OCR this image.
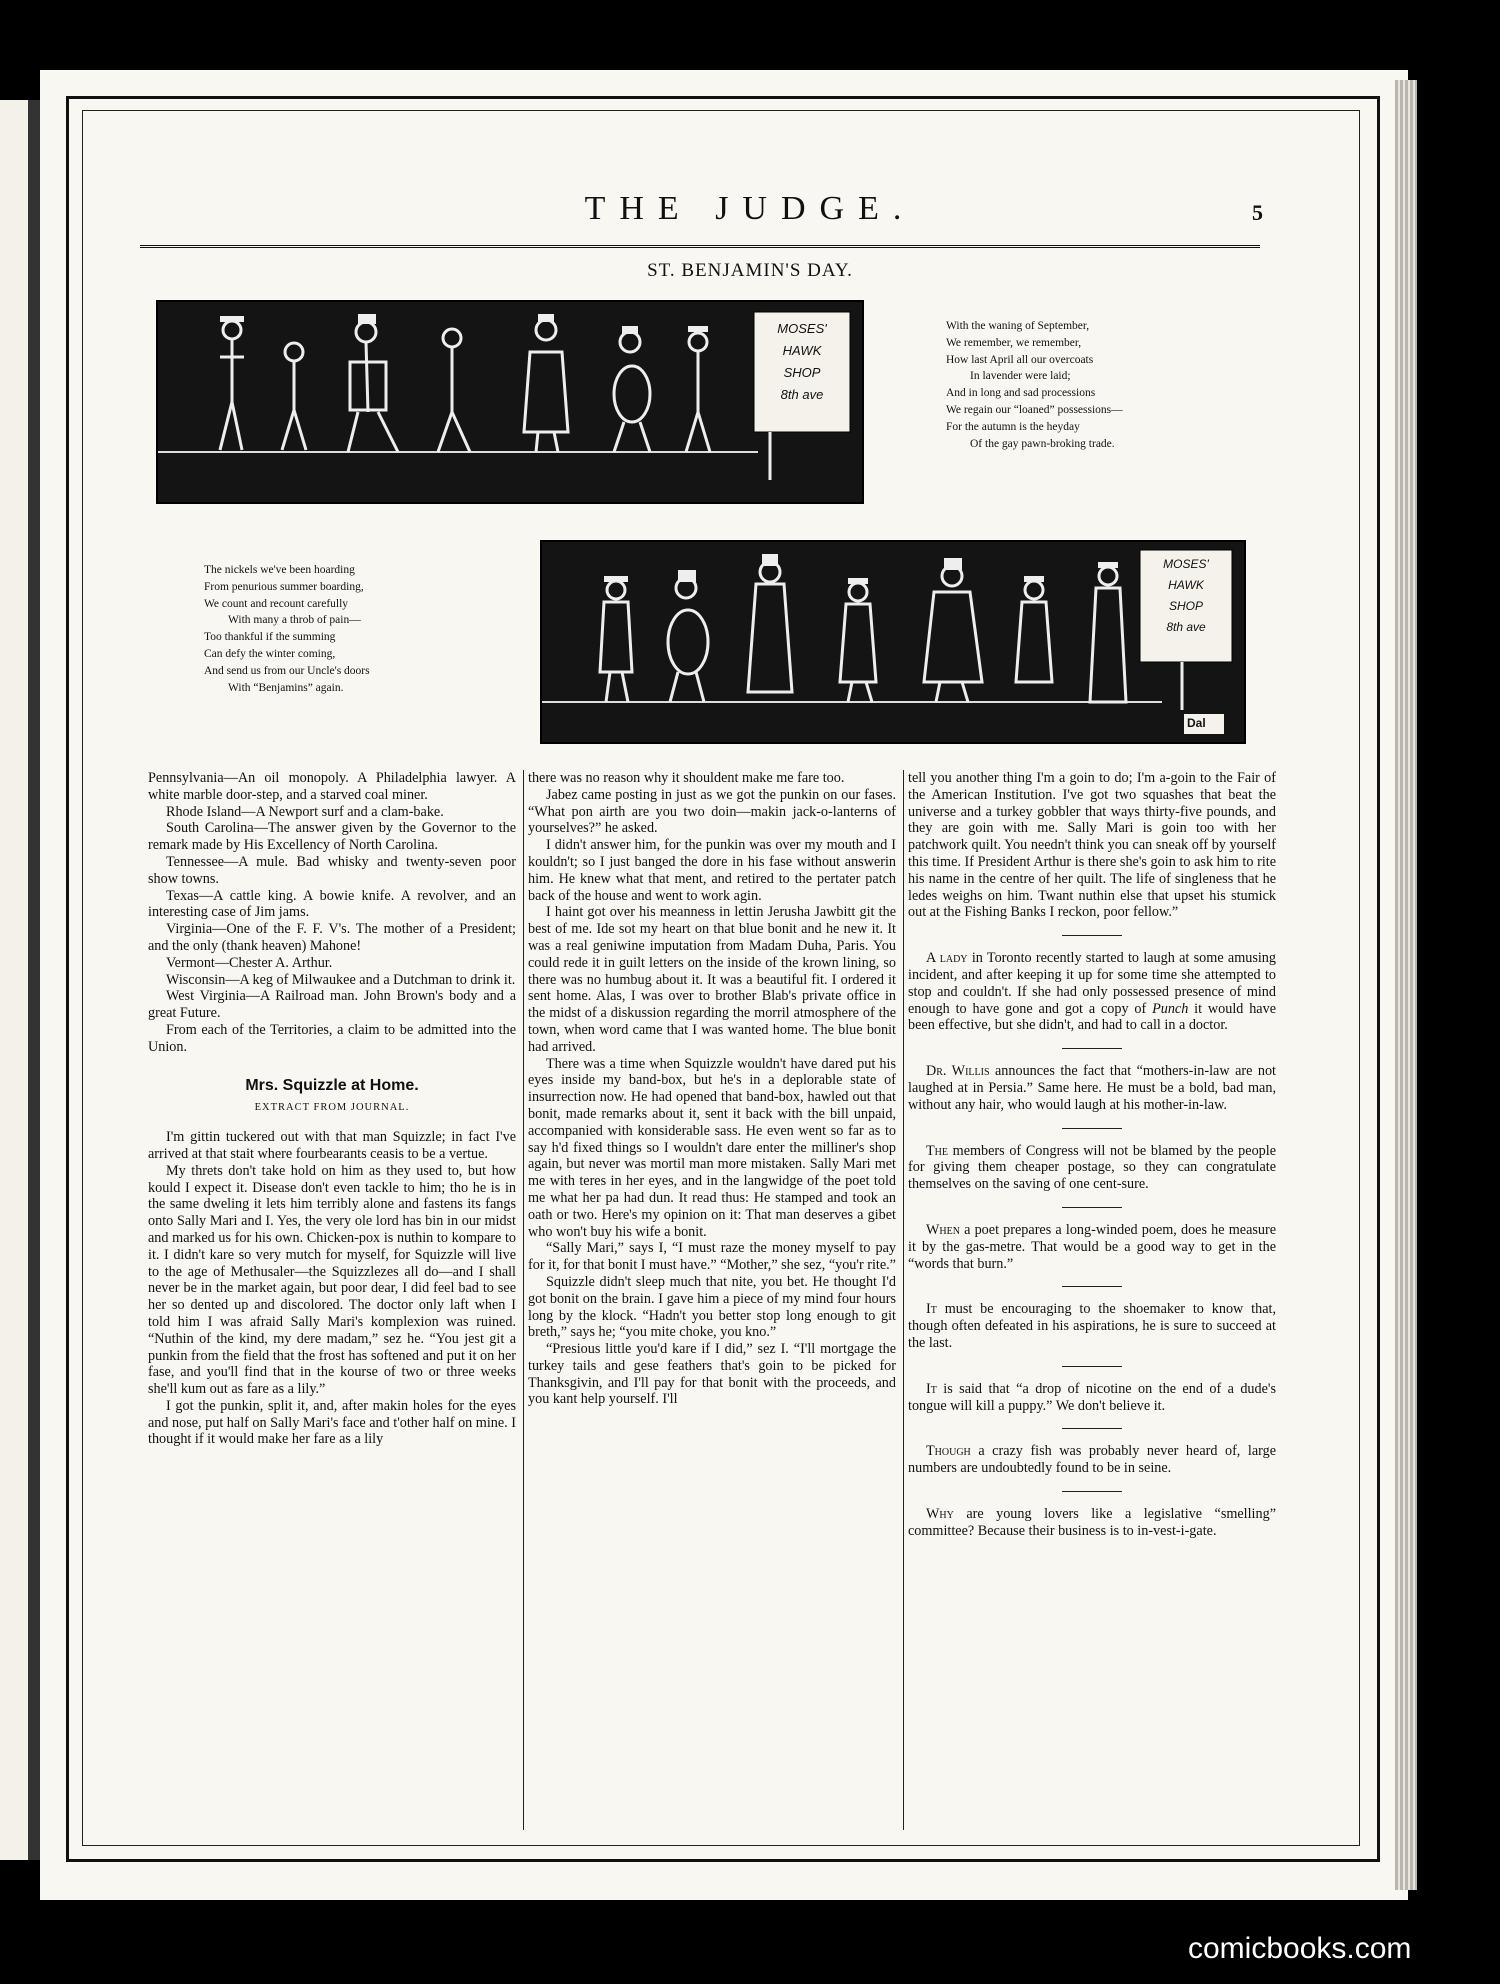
THE JUDGE.	5
ST. BENJAMIN'S DAY.
MOSES'
HAWK
SHOP
8th ave
With the waning of September,
We remember, we remember,
How last April all our overcoats
In lavender were laid;
And in long and sad processions
We regain our “loaned” possessions—
For the autumn is the heyday
Of the gay pawn-broking trade.
The nickels we've been hoarding
From penurious summer boarding,
We count and recount carefully
With many a throb of pain—
Too thankful if the summing
Can defy the winter coming,
And send us from our Uncle's doors
With “Benjamins” again.
MOSES'
HAWK
SHOP
8th ave
Dal

Pennsylvania—An oil monopoly. A Philadelphia lawyer. A white marble door-step, and a starved coal miner.

Rhode Island—A Newport surf and a clam-bake.

South Carolina—The answer given by the Governor to the remark made by His Excellency of North Carolina.

Tennessee—A mule. Bad whisky and twenty-seven poor show towns.

Texas—A cattle king. A bowie knife. A revolver, and an interesting case of Jim jams.

Virginia—One of the F. F. V's. The mother of a President; and the only (thank heaven) Mahone!

Vermont—Chester A. Arthur.

Wisconsin—A keg of Milwaukee and a Dutchman to drink it.

West Virginia—A Railroad man. John Brown's body and a great Future.

From each of the Territories, a claim to be admitted into the Union.

Mrs. Squizzle at Home.
EXTRACT FROM JOURNAL.

I'm gittin tuckered out with that man Squizzle; in fact I've arrived at that stait where fourbearants ceasis to be a vertue.

My threts don't take hold on him as they used to, but how kould I expect it. Disease don't even tackle to him; tho he is in the same dweling it lets him terribly alone and fastens its fangs onto Sally Mari and I. Yes, the very ole lord has bin in our midst and marked us for his own. Chicken-pox is nuthin to kompare to it. I didn't kare so very mutch for myself, for Squizzle will live to the age of Methusaler—the Squizzlezes all do—and I shall never be in the market again, but poor dear, I did feel bad to see her so dented up and discolored. The doctor only laft when I told him I was afraid Sally Mari's komplexion was ruined. “Nuthin of the kind, my dere madam,” sez he. “You jest git a punkin from the field that the frost has softened and put it on her fase, and you'll find that in the kourse of two or three weeks she'll kum out as fare as a lily.”

I got the punkin, split it, and, after makin holes for the eyes and nose, put half on Sally Mari's face and t'other half on mine. I thought if it would make her fare as a lily

there was no reason why it shouldent make me fare too.

Jabez came posting in just as we got the punkin on our fases. “What pon airth are you two doin—makin jack-o-lanterns of yourselves?” he asked.

I didn't answer him, for the punkin was over my mouth and I kouldn't; so I just banged the dore in his fase without answerin him. He knew what that ment, and retired to the pertater patch back of the house and went to work agin.

I haint got over his meanness in lettin Jerusha Jawbitt git the best of me. Ide sot my heart on that blue bonit and he new it. It was a real geniwine imputation from Madam Duha, Paris. You could rede it in guilt letters on the inside of the krown lining, so there was no humbug about it. It was a beautiful fit. I ordered it sent home. Alas, I was over to brother Blab's private office in the midst of a diskussion regarding the morril atmosphere of the town, when word came that I was wanted home. The blue bonit had arrived.

There was a time when Squizzle wouldn't have dared put his eyes inside my band-box, but he's in a deplorable state of insurrection now. He had opened that band-box, hawled out that bonit, made remarks about it, sent it back with the bill unpaid, accompanied with konsiderable sass. He even went so far as to say h'd fixed things so I wouldn't dare enter the milliner's shop again, but never was mortil man more mistaken. Sally Mari met me with teres in her eyes, and in the langwidge of the poet told me what her pa had dun. It read thus: He stamped and took an oath or two. Here's my opinion on it: That man deserves a gibet who won't buy his wife a bonit.

“Sally Mari,” says I, “I must raze the money myself to pay for it, for that bonit I must have.” “Mother,” she sez, “you'r rite.”

Squizzle didn't sleep much that nite, you bet. He thought I'd got bonit on the brain. I gave him a piece of my mind four hours long by the klock. “Hadn't you better stop long enough to git breth,” says he; “you mite choke, you kno.”

“Presious little you'd kare if I did,” sez I. “I'll mortgage the turkey tails and gese feathers that's goin to be picked for Thanksgivin, and I'll pay for that bonit with the proceeds, and you kant help yourself. I'll

tell you another thing I'm a goin to do; I'm a-goin to the Fair of the American Institution. I've got two squashes that beat the universe and a turkey gobbler that ways thirty-five pounds, and they are goin with me. Sally Mari is goin too with her patchwork quilt. You needn't think you can sneak off by yourself this time. If President Arthur is there she's goin to ask him to rite his name in the centre of her quilt. The life of singleness that he ledes weighs on him. Twant nuthin else that upset his stumick out at the Fishing Banks I reckon, poor fellow.”

A lady in Toronto recently started to laugh at some amusing incident, and after keeping it up for some time she attempted to stop and couldn't. If she had only possessed presence of mind enough to have gone and got a copy of Punch it would have been effective, but she didn't, and had to call in a doctor.

Dr. Willis announces the fact that “mothers-in-law are not laughed at in Persia.” Same here. He must be a bold, bad man, without any hair, who would laugh at his mother-in-law.

The members of Congress will not be blamed by the people for giving them cheaper postage, so they can congratulate themselves on the saving of one cent-sure.

When a poet prepares a long-winded poem, does he measure it by the gas-metre. That would be a good way to get in the “words that burn.”

It must be encouraging to the shoemaker to know that, though often defeated in his aspirations, he is sure to succeed at the last.

It is said that “a drop of nicotine on the end of a dude's tongue will kill a puppy.” We don't believe it.

Though a crazy fish was probably never heard of, large numbers are undoubtedly found to be in seine.

Why are young lovers like a legislative “smelling” committee? Because their business is to in-vest-i-gate.

comicbooks.com
